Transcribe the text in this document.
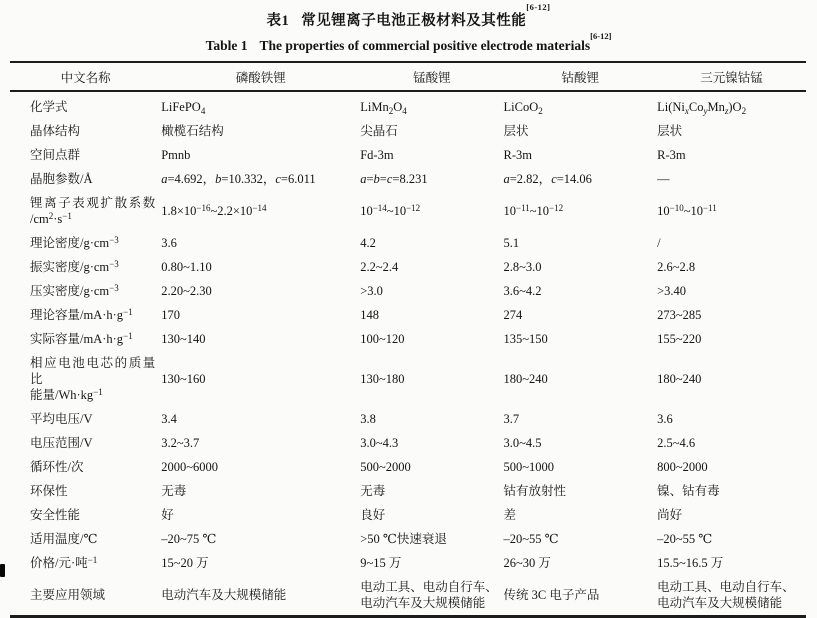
表1 常见锂离子电池正极材料及其性能[6-12]
Table 1 The properties of commercial positive electrode materials[6-12]
中文名称	磷酸铁锂	锰酸锂	钴酸锂	三元镍钴锰
化学式	LiFePO$_4$	$LiMn_2O_4$	LiCoO$_2$	$Li(Ni_xCo_yMn_z)O_2$
晶体结构	橄榄石结构	尖晶石	层状	层状
空间点群	Pmnb	Fd-3m	R-3m	R-3m
晶胞参数/Å	a=4.692，b=10.332，c=6.011	a=b=c=8.231	a=2.82，c=14.06	—
锂离子表观扩散系数
$/cm^2\cdot s^{-1}$	$1.8\times 10^{-16}\sim 2.2\times 10^{-14}$	$10^{-14}\sim 10^{-12}$	$10^{-11}\sim 10^{-12}$	$10^{-10}\sim 10^{-11}$
理论密度$/g\cdot cm^{-3}$	3.6	4.2	5.1	/
振实密度$/g\cdot cm^{-3}$	0.80~1.10	2.2~2.4	2.8~3.0	2.6~2.8
压实密度$/g\cdot cm^{-3}$	2.20~2.30	>3.0	3.6~4.2	>3.40
理论容量$/mA\cdot h\cdot g^{-1}$	170	148	274	273~285
实际容量$/mA\cdot h\cdot g^{-1}$	130~140	100~120	135~150	155~220
相应电池电芯的质量比
能量$/Wh\cdot kg^{-1}$	130~160	130~180	180~240	180~240
平均电压/V	3.4	3.8	3.7	3.6
电压范围/V	3.2~3.7	3.0~4.3	3.0~4.5	2.5~4.6
循环性/次	2000~6000	500~2000	500~1000	800~2000
环保性	无毒	无毒	钴有放射性	镍、钴有毒
安全性能	好	良好	差	尚好
适用温度/℃	–20~75 ℃	>50 ℃快速衰退	–20~55 ℃	–20~55 ℃
价格/元·吨$^{-1}$	15~20 万	9~15 万	26~30 万	15.5~16.5 万
主要应用领域	电动汽车及大规模储能	电动工具、电动自行车、电动汽车及大规模储能	传统 3C 电子产品	电动工具、电动自行车、电动汽车及大规模储能
